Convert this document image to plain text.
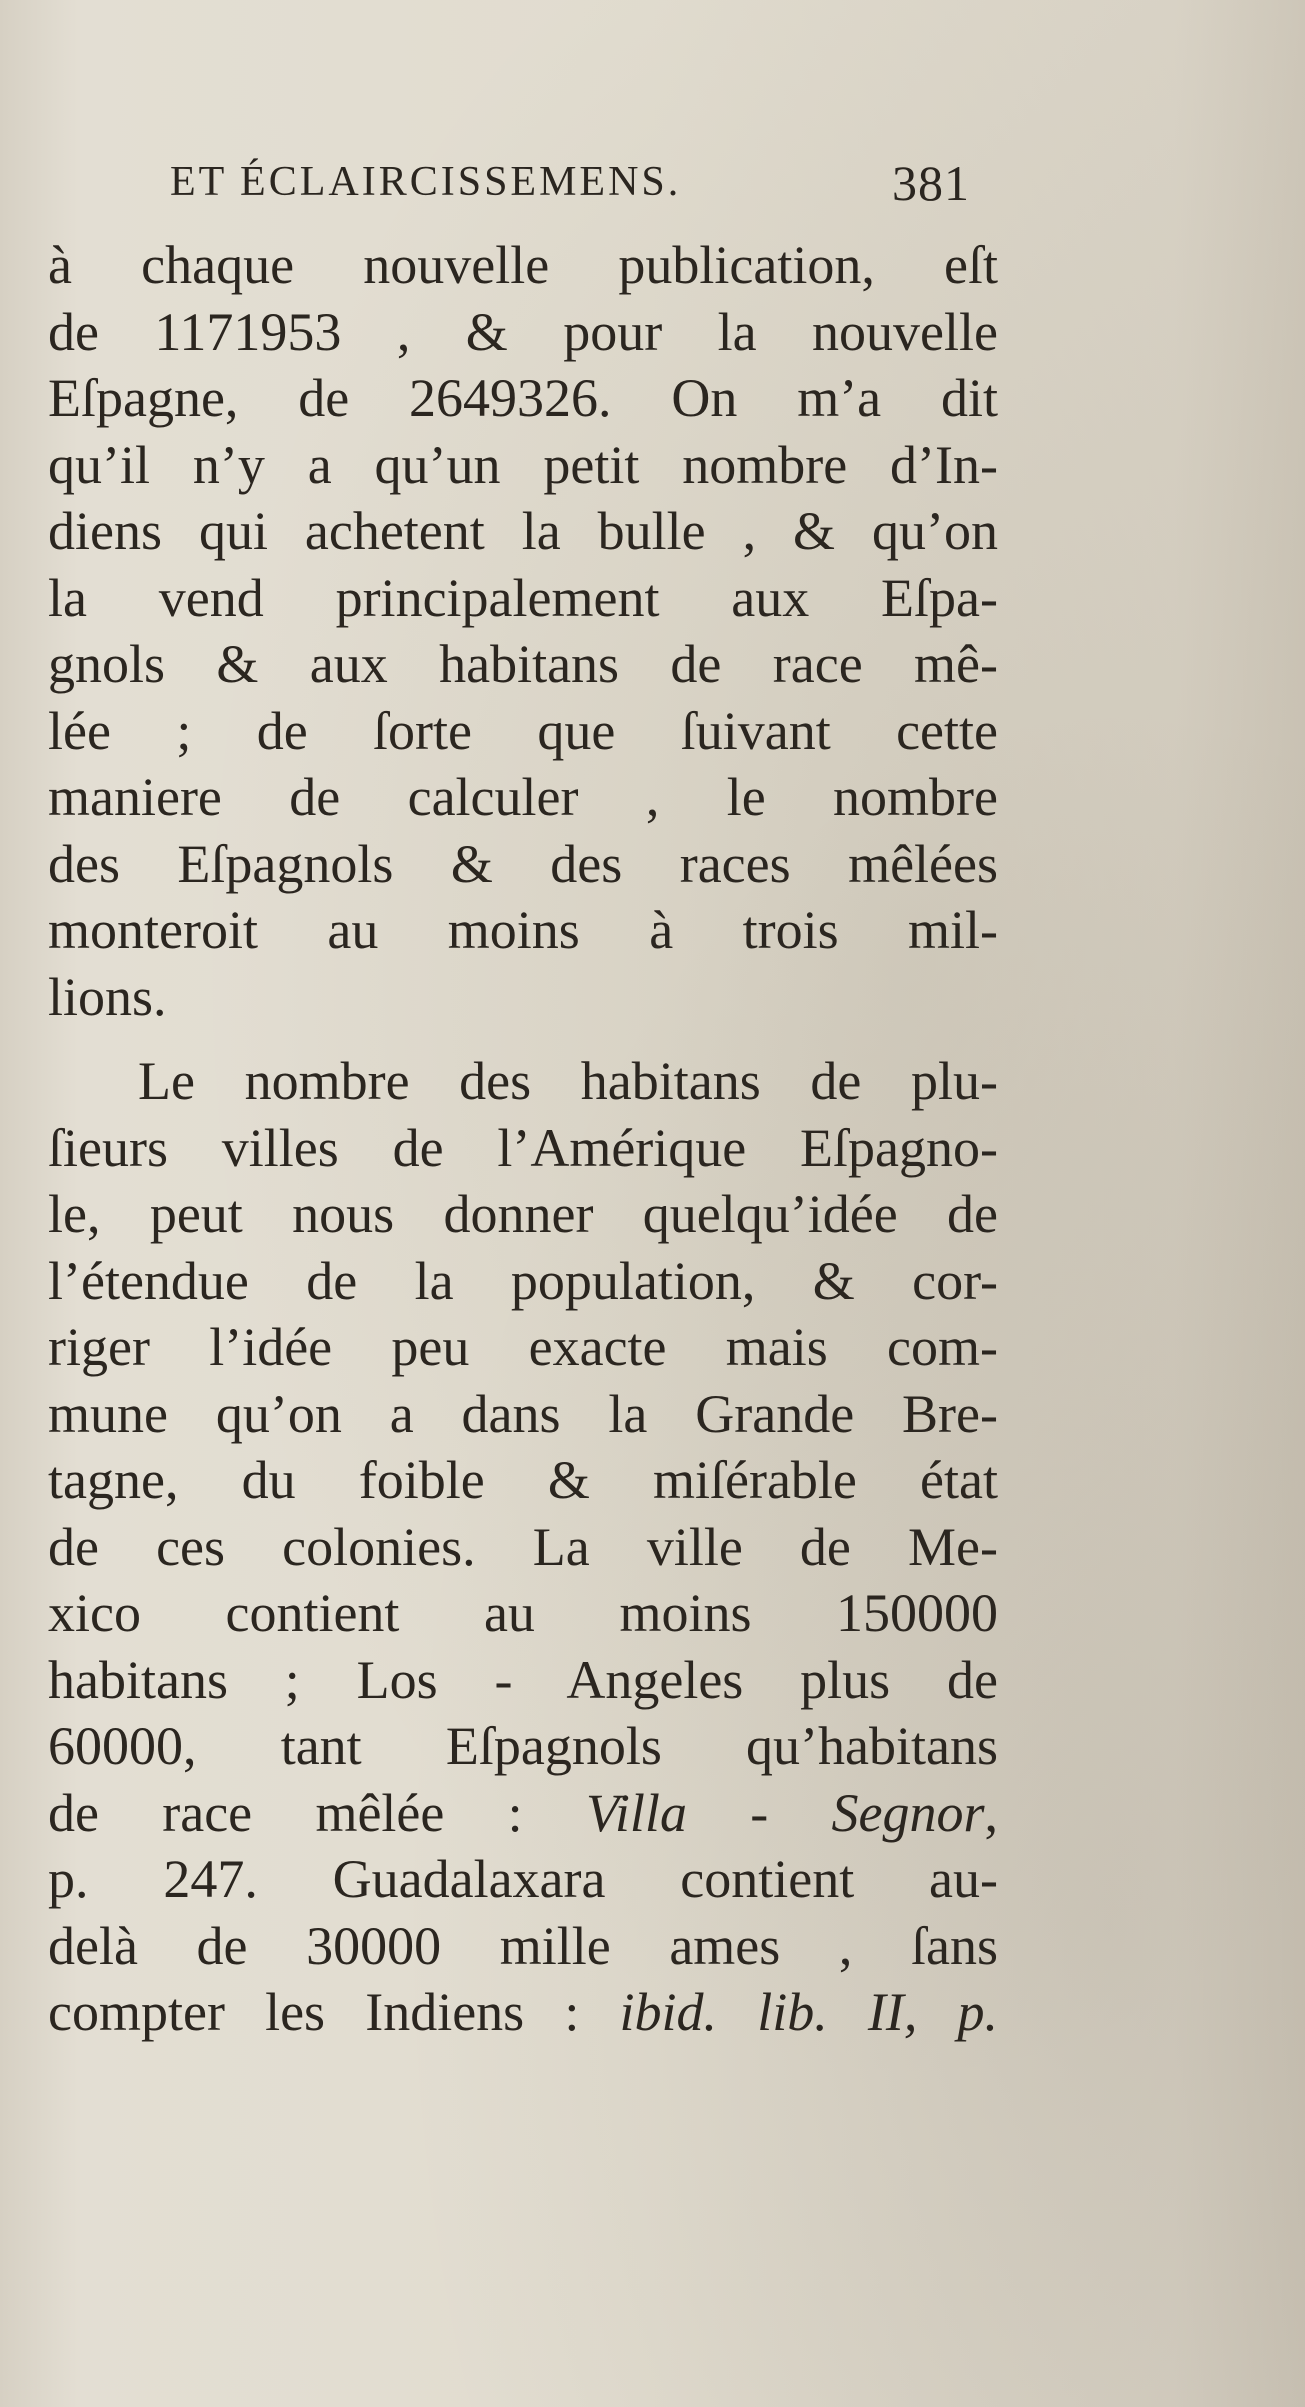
ET ÉCLAIRCISSEMENS.	381
à chaque nouvelle publication, eſt
de 1171953 , & pour la nouvelle
Eſpagne, de 2649326. On m’a dit
qu’il n’y a qu’un petit nombre d’In-
diens qui achetent la bulle , & qu’on
la vend principalement aux Eſpa-
gnols & aux habitans de race mê-
lée ; de ſorte que ſuivant cette
maniere de calculer , le nombre
des Eſpagnols & des races mêlées
monteroit au moins à trois mil-
lions.
Le nombre des habitans de plu-
ſieurs villes de l’Amérique Eſpagno-
le, peut nous donner quelqu’idée de
l’étendue de la population, & cor-
riger l’idée peu exacte mais com-
mune qu’on a dans la Grande Bre-
tagne, du foible & miſérable état
de ces colonies. La ville de Me-
xico contient au moins 150000
habitans ; Los - Angeles plus de
60000, tant Eſpagnols qu’habitans
de race mêlée : Villa - Segnor,
p. 247. Guadalaxara contient au-
delà de 30000 mille ames , ſans
compter les Indiens : ibid. lib. II, p.
